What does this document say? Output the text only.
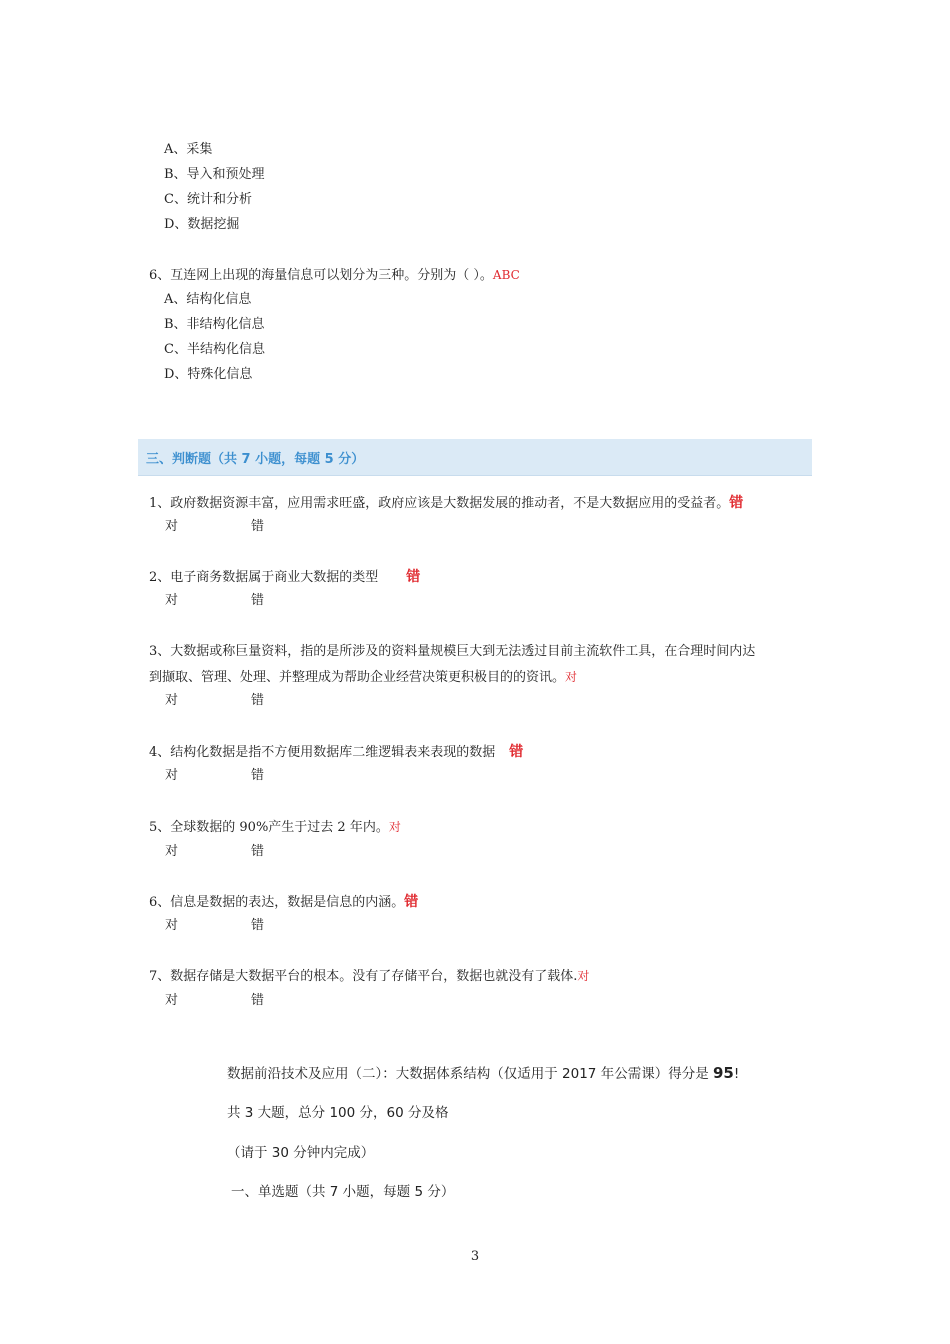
A、采集
B、导入和预处理
C、统计和分析
D、数据挖掘
6、互连网上出现的海量信息可以划分为三种。分别为（ ）。ABC
A、结构化信息
B、非结构化信息
C、半结构化信息
D、特殊化信息
三、判断题（共 7 小题，每题 5 分）
1、政府数据资源丰富，应用需求旺盛，政府应该是大数据发展的推动者，不是大数据应用的受益者。错
对	错
2、电子商务数据属于商业大数据的类型 错
对	错
3、大数据或称巨量资料，指的是所涉及的资料量规模巨大到无法透过目前主流软件工具，在合理时间内达
到撷取、管理、处理、并整理成为帮助企业经营决策更积极目的的资讯。对
对	错
4、结构化数据是指不方便用数据库二维逻辑表来表现的数据 错
对	错
5、全球数据的 90%产生于过去 2 年内。对
对	错
6、信息是数据的表达，数据是信息的内涵。错
对	错
7、数据存储是大数据平台的根本。没有了存储平台，数据也就没有了载体.对
对	错
数据前沿技术及应用（二）：大数据体系结构（仅适用于 2017 年公需课）得分是 95!
共 3 大题，总分 100 分，60 分及格
（请于 30 分钟内完成）
一、单选题（共 7 小题，每题 5 分）
3
